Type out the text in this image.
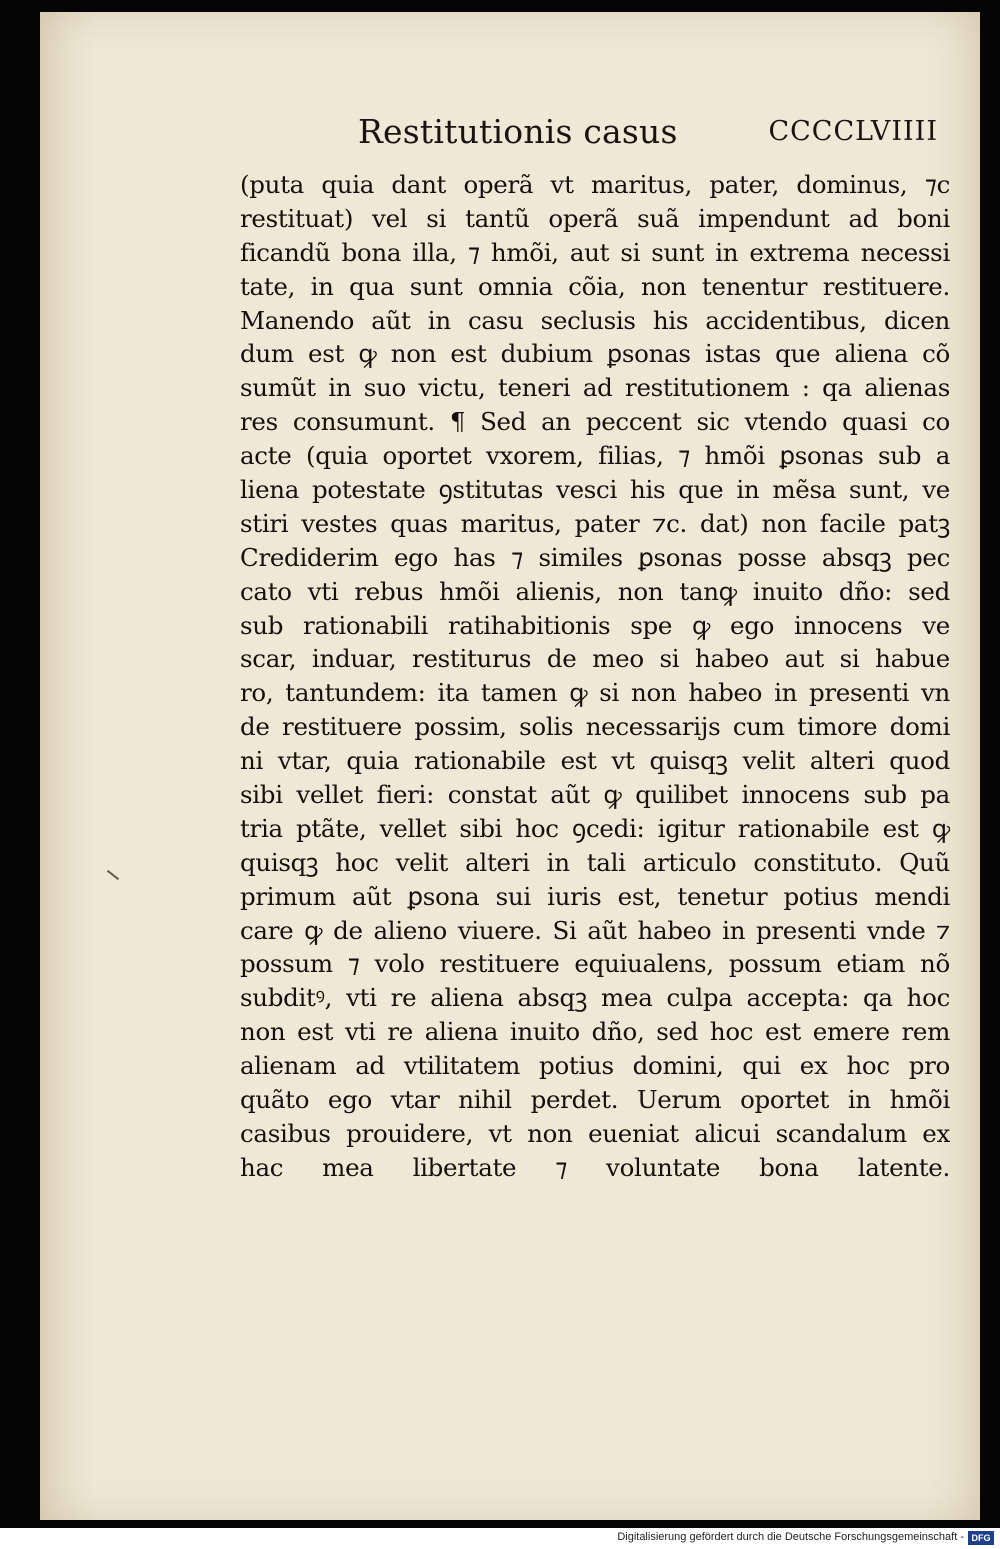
Restitutionis casus	CCCCLVIIII
(puta quia dant operã vt maritus, pater, dominus, ⁊c
restituat) vel si tantũ operã suã impendunt ad boni
ficandũ bona illa, ⁊ hmõi, aut si sunt in extrema necessi
tate, in qua sunt omnia cõia, non tenentur restituere.
Manendo aũt in casu seclusis his accidentibus, dicen
dum est ꝙ non est dubium ꝑsonas istas que aliena cõ
sumũt in suo victu, teneri ad restitutionem : qa alienas
res consumunt. ¶ Sed an peccent sic vtendo quasi co
acte (quia oportet vxorem, filias, ⁊ hmõi ꝑsonas sub a
liena potestate ꝯstitutas vesci his que in mẽsa sunt, ve
stiri vestes quas maritus, pater ⁊c. dat) non facile patꝫ
Crediderim ego has ⁊ similes ꝑsonas posse absqꝫ pec
cato vti rebus hmõi alienis, non tanꝙ inuito dño: sed
sub rationabili ratihabitionis spe ꝙ ego innocens ve
scar, induar, restiturus de meo si habeo aut si habue
ro, tantundem: ita tamen ꝙ si non habeo in presenti vn
de restituere possim, solis necessarijs cum timore domi
ni vtar, quia rationabile est vt quisqꝫ velit alteri quod
sibi vellet fieri: constat aũt ꝙ quilibet innocens sub pa
tria ptãte, vellet sibi hoc ꝯcedi: igitur rationabile est ꝙ
quisqꝫ hoc velit alteri in tali articulo constituto. Quũ
primum aũt ꝑsona sui iuris est, tenetur potius mendi
care ꝙ de alieno viuere. Si aũt habeo in presenti vnde ⁊
possum ⁊ volo restituere equiualens, possum etiam nõ
subditꝰ, vti re aliena absqꝫ mea culpa accepta: qa hoc
non est vti re aliena inuito dño, sed hoc est emere rem
alienam ad vtilitatem potius domini, qui ex hoc pro
quãto ego vtar nihil perdet. Uerum oportet in hmõi
casibus prouidere, vt non eueniat alicui scandalum ex
hac mea libertate ⁊ voluntate bona latente.
Digitalisierung gefördert durch die Deutsche Forschungsgemeinschaft - DFG
